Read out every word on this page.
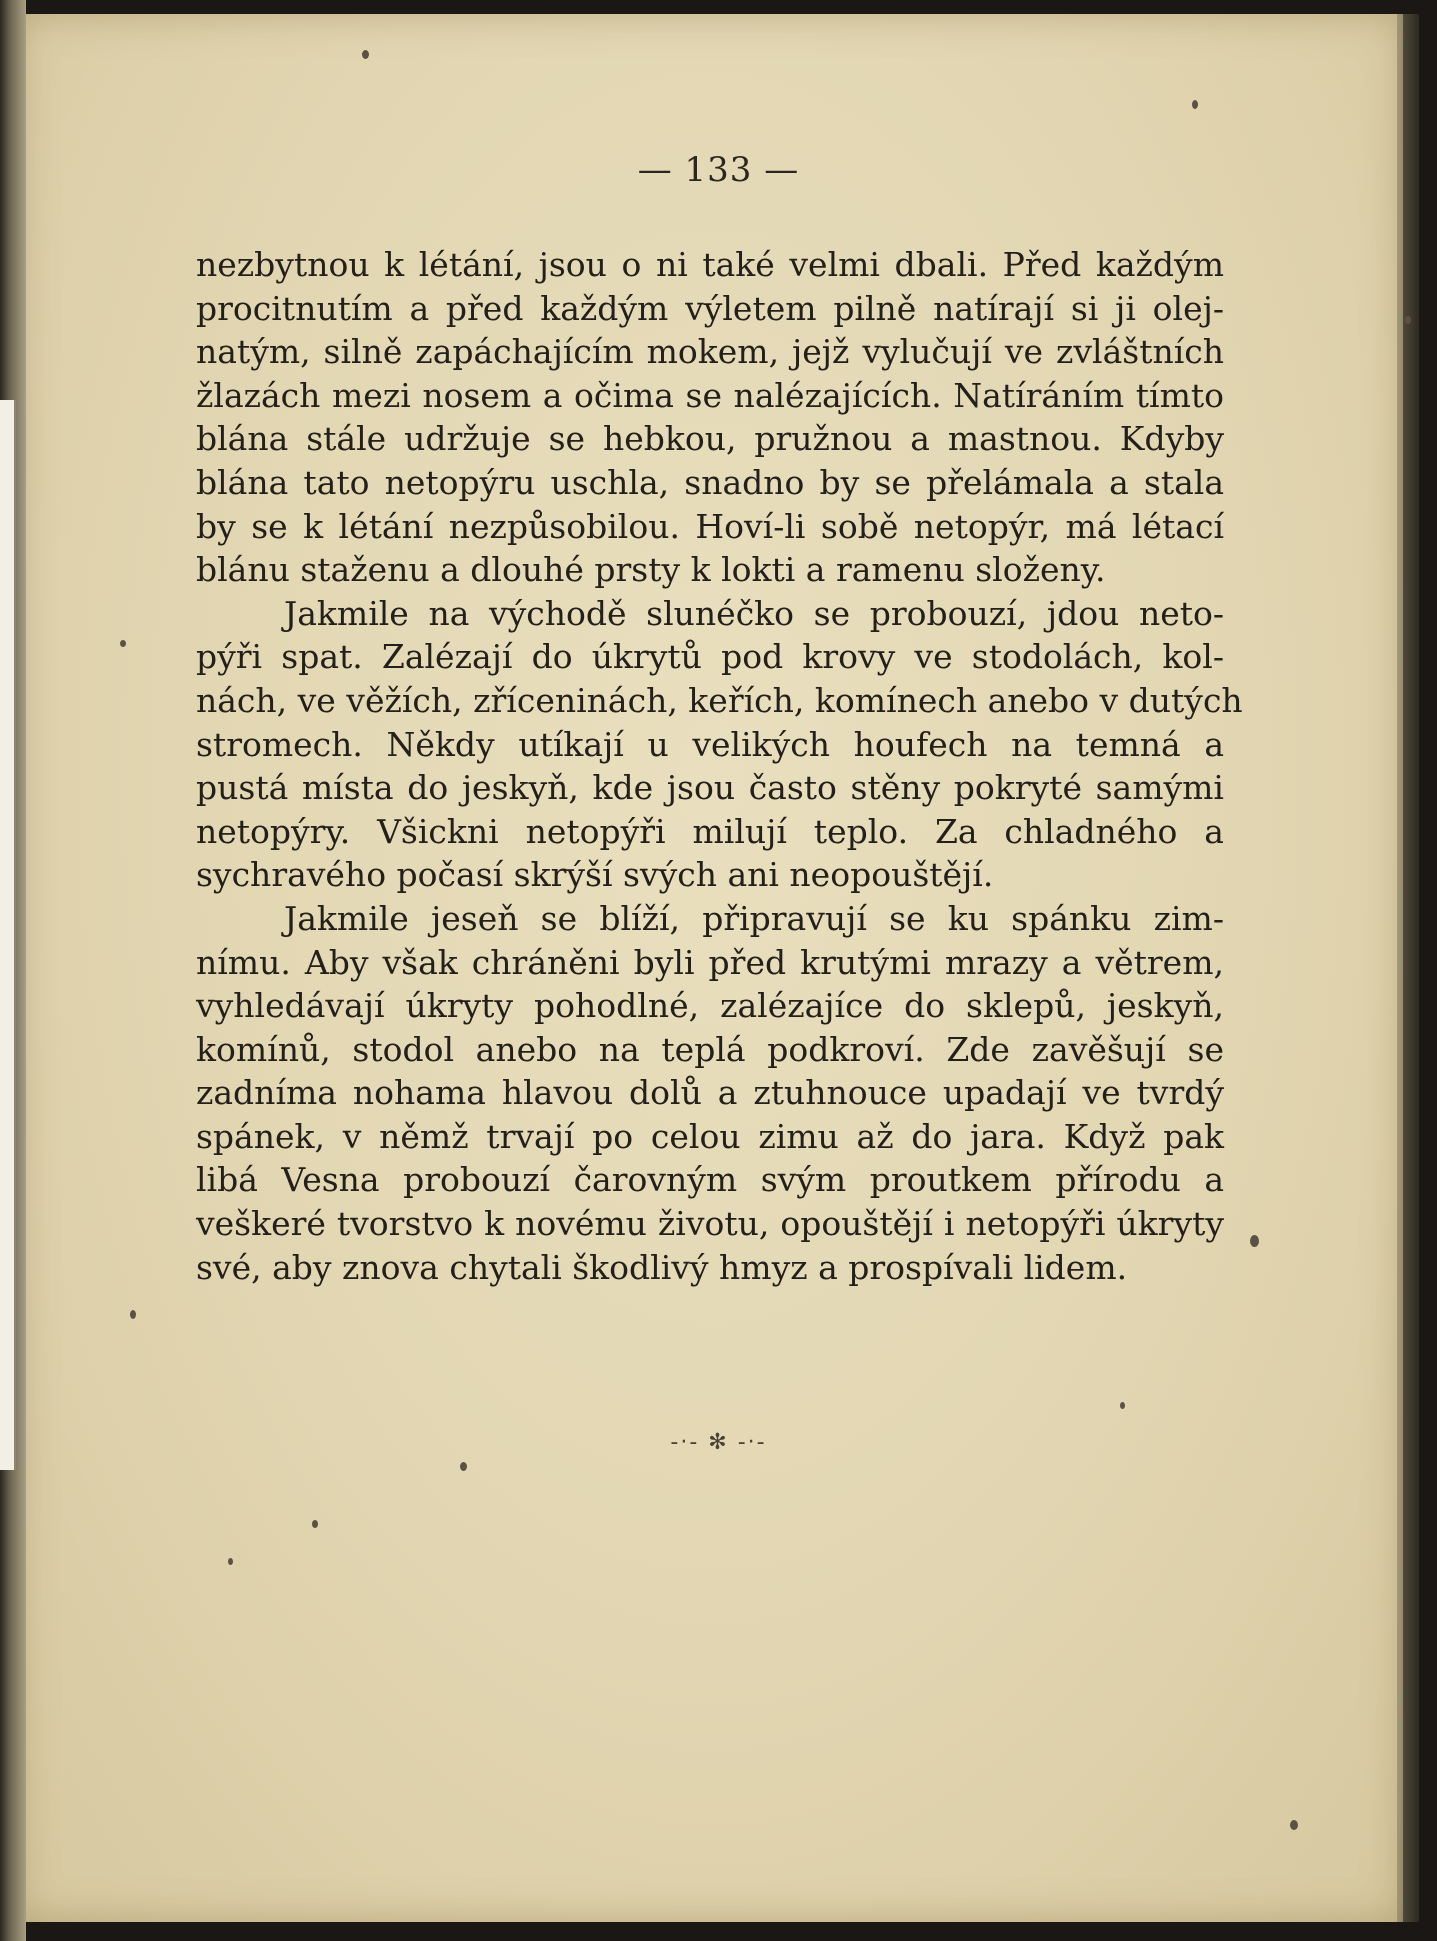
— 133 —
nezbytnou k létání, jsou o ni také velmi dbali. Před každým
procitnutím a před každým výletem pilně natírají si ji olej-
natým, silně zapáchajícím mokem, jejž vylučují ve zvláštních
žlazách mezi nosem a očima se nalézajících. Natíráním tímto
blána stále udržuje se hebkou, pružnou a mastnou. Kdyby
blána tato netopýru uschla, snadno by se přelámala a stala
by se k létání nezpůsobilou. Hoví-li sobě netopýr, má létací
blánu staženu a dlouhé prsty k lokti a ramenu složeny.
Jakmile na východě slunéčko se probouzí, jdou neto-
pýři spat. Zalézají do úkrytů pod krovy ve stodolách, kol-
nách, ve věžích, zříceninách, keřích, komínech anebo v dutých
stromech. Někdy utíkají u velikých houfech na temná a
pustá místa do jeskyň, kde jsou často stěny pokryté samými
netopýry. Všickni netopýři milují teplo. Za chladného a
sychravého počasí skrýší svých ani neopouštějí.
Jakmile jeseň se blíží, připravují se ku spánku zim-
nímu. Aby však chráněni byli před krutými mrazy a větrem,
vyhledávají úkryty pohodlné, zalézajíce do sklepů, jeskyň,
komínů, stodol anebo na teplá podkroví. Zde zavěšují se
zadníma nohama hlavou dolů a ztuhnouce upadají ve tvrdý
spánek, v němž trvají po celou zimu až do jara. Když pak
libá Vesna probouzí čarovným svým proutkem přírodu a
veškeré tvorstvo k novému životu, opouštějí i netopýři úkryty
své, aby znova chytali škodlivý hmyz a prospívali lidem.
-·- ✻ -·-
